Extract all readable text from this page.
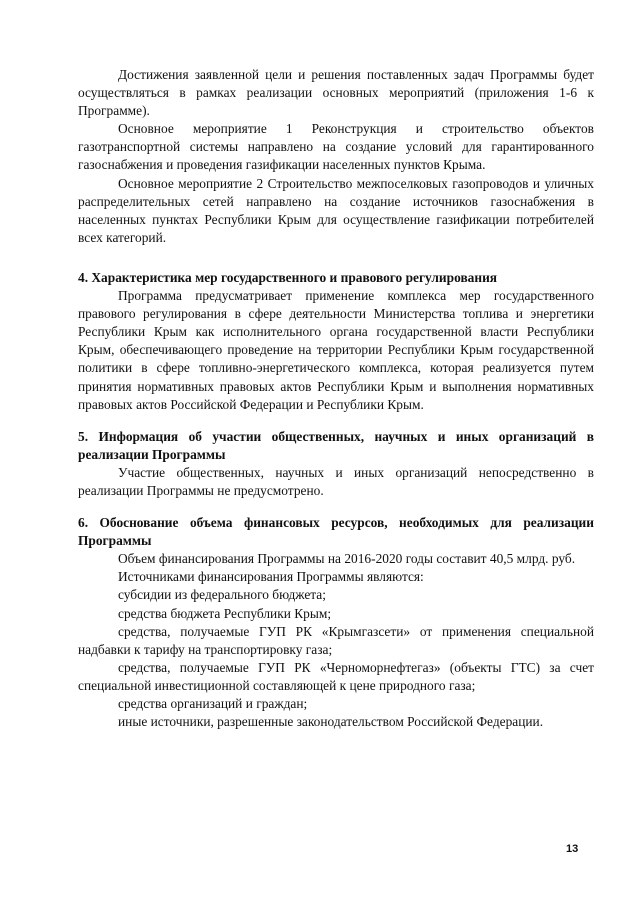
Достижения заявленной цели и решения поставленных задач Программы будет осуществляться в рамках реализации основных мероприятий (приложения 1-6 к Программе).

Основное мероприятие 1 Реконструкция и строительство объектов газотранспортной системы направлено на создание условий для гарантированного газоснабжения и проведения газификации населенных пунктов Крыма.

Основное мероприятие 2 Строительство межпоселковых газопроводов и уличных распределительных сетей направлено на создание источников газоснабжения в населенных пунктах Республики Крым для осуществление газификации потребителей всех категорий.

4. Характеристика мер государственного и правового регулирования

Программа предусматривает применение комплекса мер государственного правового регулирования в сфере деятельности Министерства топлива и энергетики Республики Крым как исполнительного органа государственной власти Республики Крым, обеспечивающего проведение на территории Республики Крым государственной политики в сфере топливно-энергетического комплекса, которая реализуется путем принятия нормативных правовых актов Республики Крым и выполнения нормативных правовых актов Российской Федерации и Республики Крым.

5. Информация об участии общественных, научных и иных организаций в реализации Программы

Участие общественных, научных и иных организаций непосредственно в реализации Программы не предусмотрено.

6. Обоснование объема финансовых ресурсов, необходимых для реализации Программы

Объем финансирования Программы на 2016-2020 годы составит 40,5 млрд. руб.

Источниками финансирования Программы являются:

субсидии из федерального бюджета;

средства бюджета Республики Крым;

средства, получаемые ГУП РК «Крымгазсети» от применения специальной надбавки к тарифу на транспортировку газа;

средства, получаемые ГУП РК «Черноморнефтегаз» (объекты ГТС) за счет специальной инвестиционной составляющей к цене природного газа;

средства организаций и граждан;

иные источники, разрешенные законодательством Российской Федерации.

13
